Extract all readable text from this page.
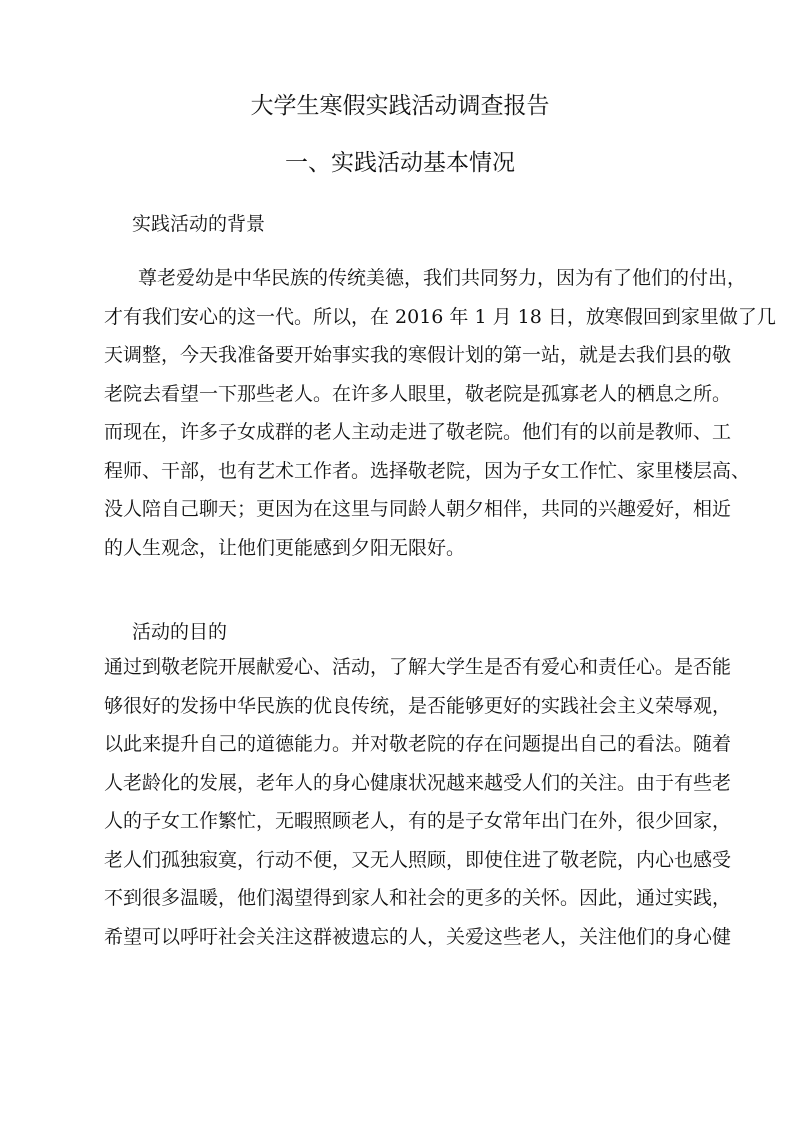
大学生寒假实践活动调查报告
一、实践活动基本情况
实践活动的背景
尊老爱幼是中华民族的传统美德，我们共同努力，因为有了他们的付出，
才有我们安心的这一代。所以，在 2016 年 1 月 18 日，放寒假回到家里做了几
天调整，今天我准备要开始事实我的寒假计划的第一站，就是去我们县的敬
老院去看望一下那些老人。在许多人眼里，敬老院是孤寡老人的栖息之所。
而现在，许多子女成群的老人主动走进了敬老院。他们有的以前是教师、工
程师、干部，也有艺术工作者。选择敬老院，因为子女工作忙、家里楼层高、
没人陪自己聊天；更因为在这里与同龄人朝夕相伴，共同的兴趣爱好，相近
的人生观念，让他们更能感到夕阳无限好。
活动的目的
通过到敬老院开展献爱心、活动，了解大学生是否有爱心和责任心。是否能
够很好的发扬中华民族的优良传统，是否能够更好的实践社会主义荣辱观，
以此来提升自己的道德能力。并对敬老院的存在问题提出自己的看法。随着
人老龄化的发展，老年人的身心健康状况越来越受人们的关注。由于有些老
人的子女工作繁忙，无暇照顾老人，有的是子女常年出门在外，很少回家，
老人们孤独寂寞，行动不便，又无人照顾，即使住进了敬老院，内心也感受
不到很多温暖，他们渴望得到家人和社会的更多的关怀。因此，通过实践，
希望可以呼吁社会关注这群被遗忘的人，关爱这些老人，关注他们的身心健
